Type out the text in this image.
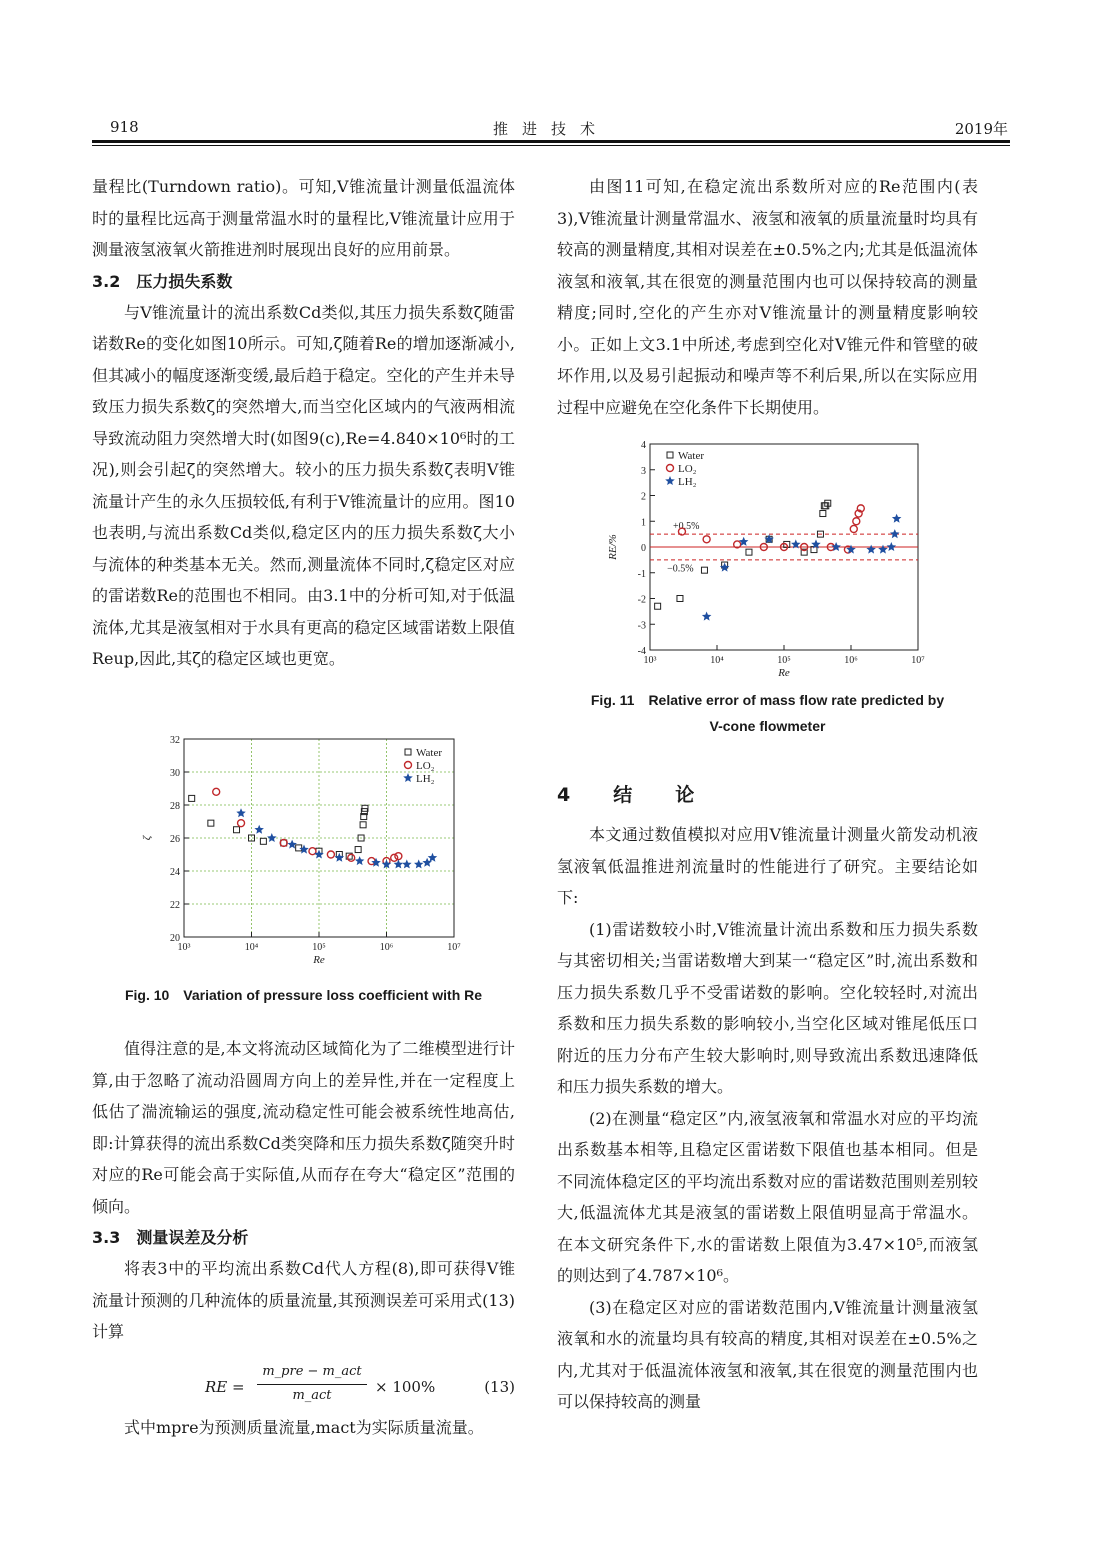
918	推进技术	2019年

量程比(Turndown ratio)。可知,V锥流量计测量低温流体时的量程比远高于测量常温水时的量程比,V锥流量计应用于测量液氢液氧火箭推进剂时展现出良好的应用前景。

3.2　压力损失系数

与V锥流量计的流出系数Cd类似,其压力损失系数ζ随雷诺数Re的变化如图10所示。可知,ζ随着Re的增加逐渐减小,但其减小的幅度逐渐变缓,最后趋于稳定。空化的产生并未导致压力损失系数ζ的突然增大,而当空化区域内的气液两相流导致流动阻力突然增大时(如图9(c),Re=4.840×10⁶时的工况),则会引起ζ的突然增大。较小的压力损失系数ζ表明V锥流量计产生的永久压损较低,有利于V锥流量计的应用。图10也表明,与流出系数Cd类似,稳定区内的压力损失系数ζ大小与流体的种类基本无关。然而,测量流体不同时,ζ稳定区对应的雷诺数Re的范围也不相同。由3.1中的分析可知,对于低温流体,尤其是液氢相对于水具有更高的稳定区域雷诺数上限值Reup,因此,其ζ的稳定区域也更宽。

10³	10⁴	10⁵	10⁶	10⁷
20
22
24
26
28
30
32
Re
ζ
Water
LO₂
LH₂
Fig. 10　Variation of pressure loss coefficient with Re

值得注意的是,本文将流动区域简化为了二维模型进行计算,由于忽略了流动沿圆周方向上的差异性,并在一定程度上低估了湍流输运的强度,流动稳定性可能会被系统性地高估,即:计算获得的流出系数Cd类突降和压力损失系数ζ随突升时对应的Re可能会高于实际值,从而存在夸大“稳定区”范围的倾向。

3.3　测量误差及分析

将表3中的平均流出系数Cd代人方程(8),即可获得V锥流量计预测的几种流体的质量流量,其预测误差可采用式(13)计算

RE =
m_pre − m_act
m_act	× 100%	(13)
式中mpre为预测质量流量,mact为实际质量流量。
由图11可知,在稳定流出系数所对应的Re范围内(表3),V锥流量计测量常温水、液氢和液氧的质量流量时均具有较高的测量精度,其相对误差在±0.5%之内;尤其是低温流体液氢和液氧,其在很宽的测量范围内也可以保持较高的测量精度;同时,空化的产生亦对V锥流量计的测量精度影响较小。正如上文3.1中所述,考虑到空化对V锥元件和管壁的破坏作用,以及易引起振动和噪声等不利后果,所以在实际应用过程中应避免在空化条件下长期使用。
10³	10⁴	10⁵	10⁶	10⁷
-4
-3
-2
-1
0
1
2
3
4
Re
RE/%
+0.5%
−0.5%
Water
LO₂
LH₂
Fig. 11　Relative error of mass flow rate predicted by
V-cone flowmeter
4　结　论

本文通过数值模拟对应用V锥流量计测量火箭发动机液氢液氧低温推进剂流量时的性能进行了研究。主要结论如下:

(1)雷诺数较小时,V锥流量计流出系数和压力损失系数与其密切相关;当雷诺数增大到某一“稳定区”时,流出系数和压力损失系数几乎不受雷诺数的影响。空化较轻时,对流出系数和压力损失系数的影响较小,当空化区域对锥尾低压口附近的压力分布产生较大影响时,则导致流出系数迅速降低和压力损失系数的增大。

(2)在测量“稳定区”内,液氢液氧和常温水对应的平均流出系数基本相等,且稳定区雷诺数下限值也基本相同。但是不同流体稳定区的平均流出系数对应的雷诺数范围则差别较大,低温流体尤其是液氢的雷诺数上限值明显高于常温水。在本文研究条件下,水的雷诺数上限值为3.47×10⁵,而液氢的则达到了4.787×10⁶。

(3)在稳定区对应的雷诺数范围内,V锥流量计测量液氢液氧和水的流量均具有较高的精度,其相对误差在±0.5%之内,尤其对于低温流体液氢和液氧,其在很宽的测量范围内也可以保持较高的测量
